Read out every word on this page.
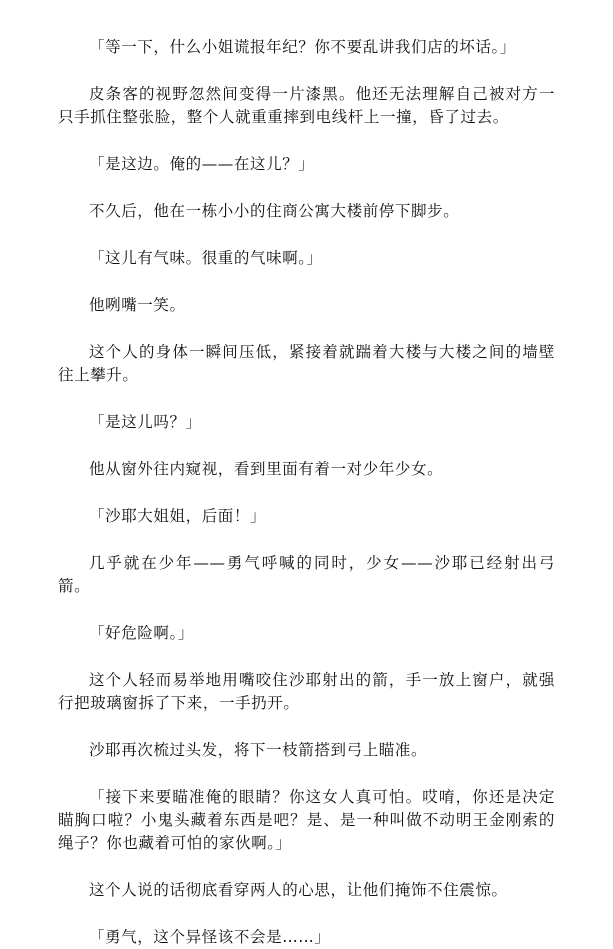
「等一下，什么小姐谎报年纪？你不要乱讲我们店的坏话。」

皮条客的视野忽然间变得一片漆黑。他还无法理解自己被对方一只手抓住整张脸，整个人就重重摔到电线杆上一撞，昏了过去。

「是这边。俺的——在这儿？」

不久后，他在一栋小小的住商公寓大楼前停下脚步。

「这儿有气味。很重的气味啊。」

他咧嘴一笑。

这个人的身体一瞬间压低，紧接着就踹着大楼与大楼之间的墙壁往上攀升。

「是这儿吗？」

他从窗外往内窥视，看到里面有着一对少年少女。

「沙耶大姐姐，后面！」

几乎就在少年——勇气呼喊的同时，少女——沙耶已经射出弓箭。

「好危险啊。」

这个人轻而易举地用嘴咬住沙耶射出的箭，手一放上窗户，就强行把玻璃窗拆了下来，一手扔开。

沙耶再次梳过头发，将下一枝箭搭到弓上瞄准。

「接下来要瞄准俺的眼睛？你这女人真可怕。哎唷，你还是决定瞄胸口啦？小鬼头藏着东西是吧？是、是一种叫做不动明王金刚索的绳子？你也藏着可怕的家伙啊。」

这个人说的话彻底看穿两人的心思，让他们掩饰不住震惊。

「勇气，这个异怪该不会是……」
